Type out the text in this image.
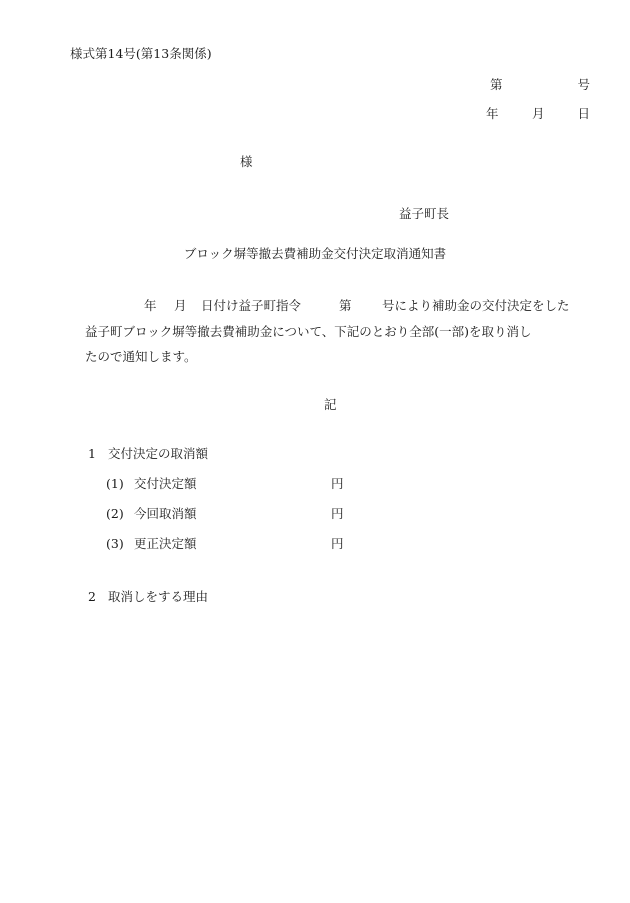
様式第14号(第13条関係)
第	号
年	月	日
様
益子町長
ブロック塀等撤去費補助金交付決定取消通知書
年 月 日付け益子町指令	第 号により補助金の交付決定をした
益子町ブロック塀等撤去費補助金について、下記のとおり全部(一部)を取り消し
たので通知します。
記
1 交付決定の取消額
(1) 交付決定額	円
(2) 今回取消額	円
(3) 更正決定額	円
2 取消しをする理由
